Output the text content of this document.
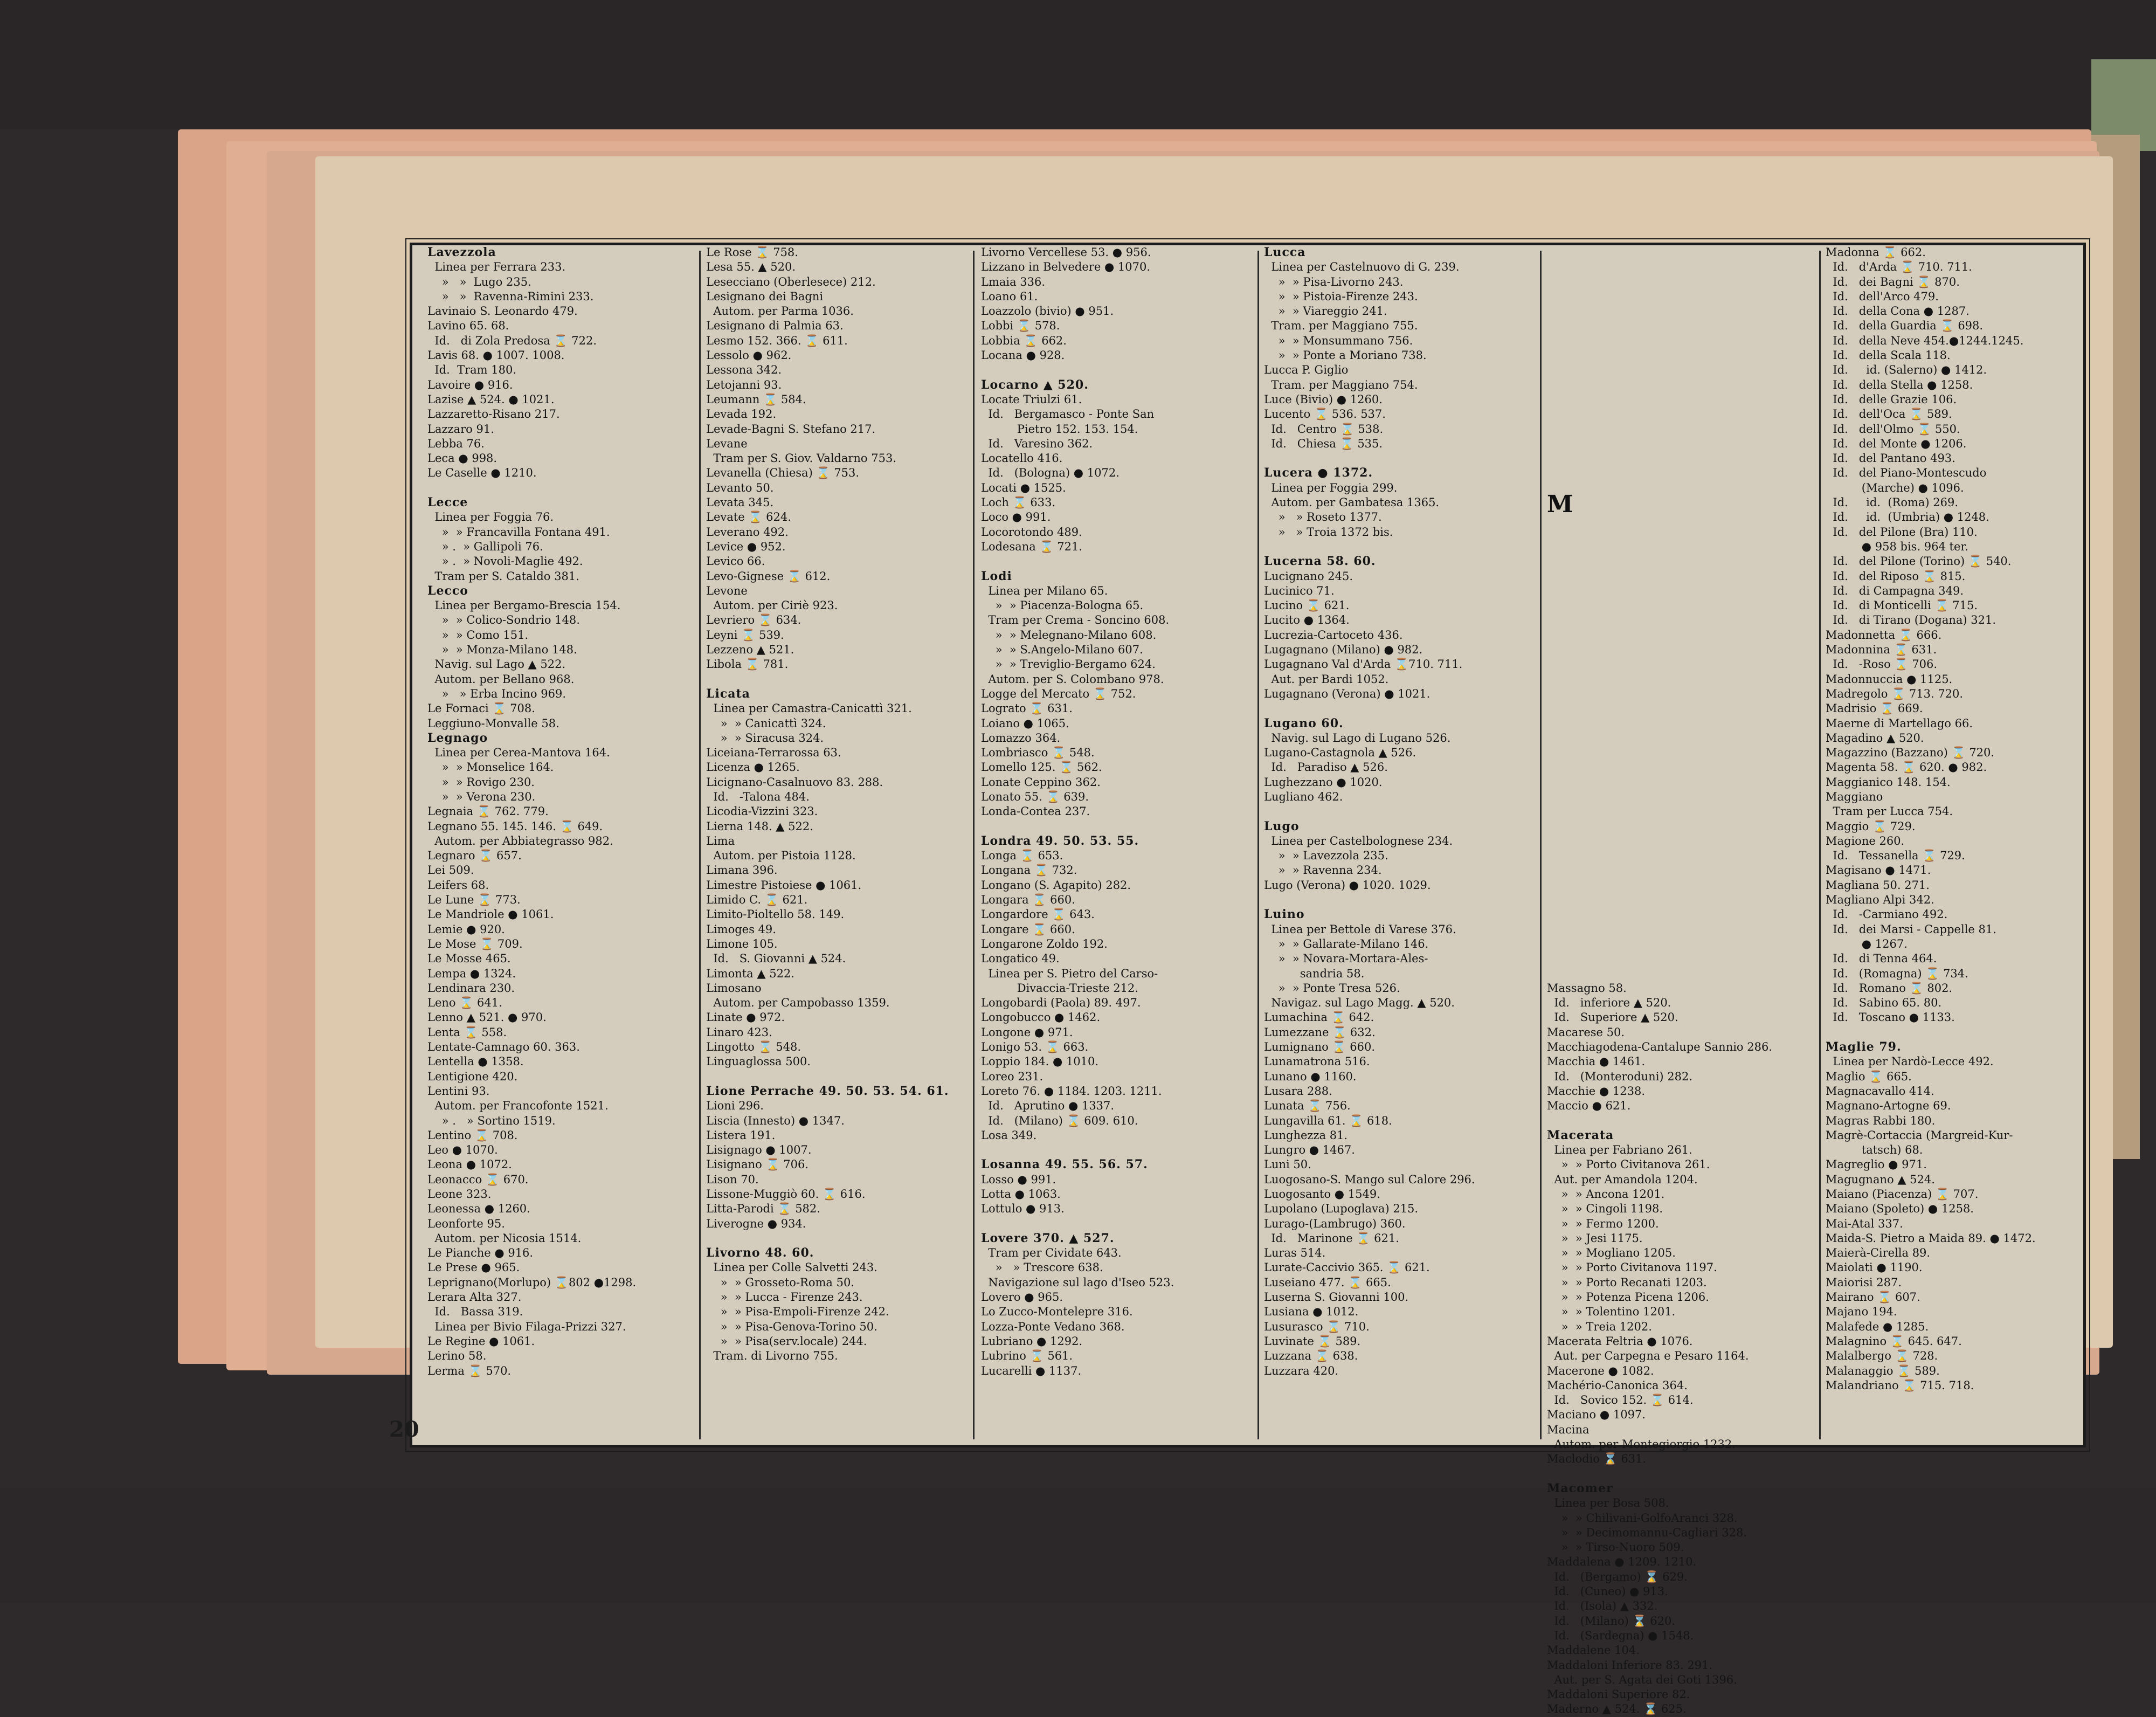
Lavezzola
Linea per Ferrara 233.
»   »  Lugo 235.
»   »  Ravenna-Rimini 233.
Lavinaio S. Leonardo 479.
Lavino 65. 68.
Id.   di Zola Predosa ⌛ 722.
Lavis 68. ● 1007. 1008.
Id.  Tram 180.
Lavoire ● 916.
Lazise ▲ 524. ● 1021.
Lazzaretto-Risano 217.
Lazzaro 91.
Lebba 76.
Leca ● 998.
Le Caselle ● 1210.
Lecce
Linea per Foggia 76.
»  » Francavilla Fontana 491.
» .  » Gallipoli 76.
» .  » Novoli-Maglie 492.
Tram per S. Cataldo 381.
Lecco
Linea per Bergamo-Brescia 154.
»  » Colico-Sondrio 148.
»  » Como 151.
»  » Monza-Milano 148.
Navig. sul Lago ▲ 522.
Autom. per Bellano 968.
»   » Erba Incino 969.
Le Fornaci ⌛ 708.
Leggiuno-Monvalle 58.
Legnago
Linea per Cerea-Mantova 164.
»  » Monselice 164.
»  » Rovigo 230.
»  » Verona 230.
Legnaia ⌛ 762. 779.
Legnano 55. 145. 146. ⌛ 649.
Autom. per Abbiategrasso 982.
Legnaro ⌛ 657.
Lei 509.
Leifers 68.
Le Lune ⌛ 773.
Le Mandriole ● 1061.
Lemie ● 920.
Le Mose ⌛ 709.
Le Mosse 465.
Lempa ● 1324.
Lendinara 230.
Leno ⌛ 641.
Lenno ▲ 521. ● 970.
Lenta ⌛ 558.
Lentate-Camnago 60. 363.
Lentella ● 1358.
Lentigione 420.
Lentini 93.
Autom. per Francofonte 1521.
» .   » Sortino 1519.
Lentino ⌛ 708.
Leo ● 1070.
Leona ● 1072.
Leonacco ⌛ 670.
Leone 323.
Leonessa ● 1260.
Leonforte 95.
Autom. per Nicosia 1514.
Le Pianche ● 916.
Le Prese ● 965.
Leprignano(Morlupo) ⌛802 ●1298.
Lerara Alta 327.
Id.   Bassa 319.
Linea per Bivio Filaga-Prizzi 327.
Le Regine ● 1061.
Lerino 58.
Lerma ⌛ 570.
Le Rose ⌛ 758.
Lesa 55. ▲ 520.
Lesecciano (Oberlesece) 212.
Lesignano dei Bagni
Autom. per Parma 1036.
Lesignano di Palmia 63.
Lesmo 152. 366. ⌛ 611.
Lessolo ● 962.
Lessona 342.
Letojanni 93.
Leumann ⌛ 584.
Levada 192.
Levade-Bagni S. Stefano 217.
Levane
Tram per S. Giov. Valdarno 753.
Levanella (Chiesa) ⌛ 753.
Levanto 50.
Levata 345.
Levate ⌛ 624.
Leverano 492.
Levice ● 952.
Levico 66.
Levo-Gignese ⌛ 612.
Levone
Autom. per Ciriè 923.
Levriero ⌛ 634.
Leyni ⌛ 539.
Lezzeno ▲ 521.
Libola ⌛ 781.
Licata
Linea per Camastra-Canicattì 321.
»  » Canicattì 324.
»  » Siracusa 324.
Liceiana-Terrarossa 63.
Licenza ● 1265.
Licignano-Casalnuovo 83. 288.
Id.   -Talona 484.
Licodia-Vizzini 323.
Lierna 148. ▲ 522.
Lima
Autom. per Pistoia 1128.
Limana 396.
Limestre Pistoiese ● 1061.
Limido C. ⌛ 621.
Limito-Pioltello 58. 149.
Limoges 49.
Limone 105.
Id.   S. Giovanni ▲ 524.
Limonta ▲ 522.
Limosano
Autom. per Campobasso 1359.
Linate ● 972.
Linaro 423.
Lingotto ⌛ 548.
Linguaglossa 500.
Lione Perrache 49. 50. 53. 54. 61.
Lioni 296.
Liscia (Innesto) ● 1347.
Listera 191.
Lisignago ● 1007.
Lisignano ⌛ 706.
Lison 70.
Lissone-Muggiò 60. ⌛ 616.
Litta-Parodi ⌛ 582.
Liverogne ● 934.
Livorno 48. 60.
Linea per Colle Salvetti 243.
»  » Grosseto-Roma 50.
»  » Lucca - Firenze 243.
»  » Pisa-Empoli-Firenze 242.
»  » Pisa-Genova-Torino 50.
»  » Pisa(serv.locale) 244.
Tram. di Livorno 755.
Livorno Vercellese 53. ● 956.
Lizzano in Belvedere ● 1070.
Lmaia 336.
Loano 61.
Loazzolo (bivio) ● 951.
Lobbi ⌛ 578.
Lobbia ⌛ 662.
Locana ● 928.
Locarno ▲ 520.
Locate Triulzi 61.
Id.   Bergamasco - Ponte San
Pietro 152. 153. 154.
Id.   Varesino 362.
Locatello 416.
Id.   (Bologna) ● 1072.
Locati ● 1525.
Loch ⌛ 633.
Loco ● 991.
Locorotondo 489.
Lodesana ⌛ 721.
Lodi
Linea per Milano 65.
»  » Piacenza-Bologna 65.
Tram per Crema - Soncino 608.
»  » Melegnano-Milano 608.
»  » S.Angelo-Milano 607.
»  » Treviglio-Bergamo 624.
Autom. per S. Colombano 978.
Logge del Mercato ⌛ 752.
Lograto ⌛ 631.
Loiano ● 1065.
Lomazzo 364.
Lombriasco ⌛ 548.
Lomello 125. ⌛ 562.
Lonate Ceppino 362.
Lonato 55. ⌛ 639.
Londa-Contea 237.
Londra 49. 50. 53. 55.
Longa ⌛ 653.
Longana ⌛ 732.
Longano (S. Agapito) 282.
Longara ⌛ 660.
Longardore ⌛ 643.
Longare ⌛ 660.
Longarone Zoldo 192.
Longatico 49.
Linea per S. Pietro del Carso-
Divaccia-Trieste 212.
Longobardi (Paola) 89. 497.
Longobucco ● 1462.
Longone ● 971.
Lonigo 53. ⌛ 663.
Loppio 184. ● 1010.
Loreo 231.
Loreto 76. ● 1184. 1203. 1211.
Id.   Aprutino ● 1337.
Id.   (Milano) ⌛ 609. 610.
Losa 349.
Losanna 49. 55. 56. 57.
Losso ● 991.
Lotta ● 1063.
Lottulo ● 913.
Lovere 370. ▲ 527.
Tram per Cividate 643.
»   » Trescore 638.
Navigazione sul lago d'Iseo 523.
Lovero ● 965.
Lo Zucco-Montelepre 316.
Lozza-Ponte Vedano 368.
Lubriano ● 1292.
Lubrino ⌛ 561.
Lucarelli ● 1137.
Lucca
Linea per Castelnuovo di G. 239.
»  » Pisa-Livorno 243.
»  » Pistoia-Firenze 243.
»  » Viareggio 241.
Tram. per Maggiano 755.
»  » Monsummano 756.
»  » Ponte a Moriano 738.
Lucca P. Giglio
Tram. per Maggiano 754.
Luce (Bivio) ● 1260.
Lucento ⌛ 536. 537.
Id.   Centro ⌛ 538.
Id.   Chiesa ⌛ 535.
Lucera ● 1372.
Linea per Foggia 299.
Autom. per Gambatesa 1365.
»   » Roseto 1377.
»   » Troia 1372 bis.
Lucerna 58. 60.
Lucignano 245.
Lucinico 71.
Lucino ⌛ 621.
Lucito ● 1364.
Lucrezia-Cartoceto 436.
Lugagnano (Milano) ● 982.
Lugagnano Val d'Arda ⌛710. 711.
Aut. per Bardi 1052.
Lugagnano (Verona) ● 1021.
Lugano 60.
Navig. sul Lago di Lugano 526.
Lugano-Castagnola ▲ 526.
Id.   Paradiso ▲ 526.
Lughezzano ● 1020.
Lugliano 462.
Lugo
Linea per Castelbolognese 234.
»  » Lavezzola 235.
»  » Ravenna 234.
Lugo (Verona) ● 1020. 1029.
Luino
Linea per Bettole di Varese 376.
»  » Gallarate-Milano 146.
»  » Novara-Mortara-Ales-
sandria 58.
»  » Ponte Tresa 526.
Navigaz. sul Lago Magg. ▲ 520.
Lumachina ⌛ 642.
Lumezzane ⌛ 632.
Lumignano ⌛ 660.
Lunamatrona 516.
Lunano ● 1160.
Lusara 288.
Lunata ⌛ 756.
Lungavilla 61. ⌛ 618.
Lunghezza 81.
Lungro ● 1467.
Luni 50.
Luogosano-S. Mango sul Calore 296.
Luogosanto ● 1549.
Lupolano (Lupoglava) 215.
Lurago-(Lambrugo) 360.
Id.   Marinone ⌛ 621.
Luras 514.
Lurate-Caccivio 365. ⌛ 621.
Luseiano 477. ⌛ 665.
Luserna S. Giovanni 100.
Lusiana ● 1012.
Lusurasco ⌛ 710.
Luvinate ⌛ 589.
Luzzana ⌛ 638.
Luzzara 420.
Massagno 58.
Id.   inferiore ▲ 520.
Id.   Superiore ▲ 520.
Macarese 50.
Macchiagodena-Cantalupe Sannio 286.
Macchia ● 1461.
Id.   (Monteroduni) 282.
Macchie ● 1238.
Maccio ● 621.
Macerata
Linea per Fabriano 261.
»  » Porto Civitanova 261.
Aut. per Amandola 1204.
»  » Ancona 1201.
»  » Cingoli 1198.
»  » Fermo 1200.
»  » Jesi 1175.
»  » Mogliano 1205.
»  » Porto Civitanova 1197.
»  » Porto Recanati 1203.
»  » Potenza Picena 1206.
»  » Tolentino 1201.
»  » Treia 1202.
Macerata Feltria ● 1076.
Aut. per Carpegna e Pesaro 1164.
Macerone ● 1082.
Machério-Canonica 364.
Id.   Sovico 152. ⌛ 614.
Maciano ● 1097.
Macina
Autom. per Montegiorgio 1232.
Maclodio ⌛ 631.
Macomer
Linea per Bosa 508.
»  » Chilivani-GolfoAranci 328.
»  » Decimomannu-Cagliari 328.
»  » Tirso-Nuoro 509.
Maddalena ● 1209. 1210.
Id.   (Bergamo) ⌛ 629.
Id.   (Cuneo) ● 913.
Id.   (Isola) ▲ 332.
Id.   (Milano) ⌛ 620.
Id.   (Sardegna) ● 1548.
Maddalene 104.
Maddaloni Inferiore 83. 291.
Aut. per S. Agata dei Goti 1396.
Maddaloni Superiore 82.
Maderno ▲ 524. ⌛ 625.
Madonna ⌛ 662.
Id.   d'Arda ⌛ 710. 711.
Id.   dei Bagni ⌛ 870.
Id.   dell'Arco 479.
Id.   della Cona ● 1287.
Id.   della Guardia ⌛ 698.
Id.   della Neve 454.●1244.1245.
Id.   della Scala 118.
Id.     id. (Salerno) ● 1412.
Id.   della Stella ● 1258.
Id.   delle Grazie 106.
Id.   dell'Oca ⌛ 589.
Id.   dell'Olmo ⌛ 550.
Id.   del Monte ● 1206.
Id.   del Pantano 493.
Id.   del Piano-Montescudo
(Marche) ● 1096.
Id.     id.  (Roma) 269.
Id.     id.  (Umbria) ● 1248.
Id.   del Pilone (Bra) 110.
● 958 bis. 964 ter.
Id.   del Pilone (Torino) ⌛ 540.
Id.   del Riposo ⌛ 815.
Id.   di Campagna 349.
Id.   di Monticelli ⌛ 715.
Id.   di Tirano (Dogana) 321.
Madonnetta ⌛ 666.
Madonnina ⌛ 631.
Id.   -Roso ⌛ 706.
Madonnuccia ● 1125.
Madregolo ⌛ 713. 720.
Madrisio ⌛ 669.
Maerne di Martellago 66.
Magadino ▲ 520.
Magazzino (Bazzano) ⌛ 720.
Magenta 58. ⌛ 620. ● 982.
Maggianico 148. 154.
Maggiano
Tram per Lucca 754.
Maggio ⌛ 729.
Magione 260.
Id.   Tessanella ⌛ 729.
Magisano ● 1471.
Magliana 50. 271.
Magliano Alpi 342.
Id.   -Carmiano 492.
Id.   dei Marsi - Cappelle 81.
● 1267.
Id.   di Tenna 464.
Id.   (Romagna) ⌛ 734.
Id.   Romano ⌛ 802.
Id.   Sabino 65. 80.
Id.   Toscano ● 1133.
Maglie 79.
Linea per Nardò-Lecce 492.
Maglio ⌛ 665.
Magnacavallo 414.
Magnano-Artogne 69.
Magras Rabbi 180.
Magrè-Cortaccia (Margreid-Kur-
tatsch) 68.
Magreglio ● 971.
Magugnano ▲ 524.
Maiano (Piacenza) ⌛ 707.
Maiano (Spoleto) ● 1258.
Mai-Atal 337.
Maida-S. Pietro a Maida 89. ● 1472.
Maierà-Cirella 89.
Maiolati ● 1190.
Maiorisi 287.
Mairano ⌛ 607.
Majano 194.
Malafede ● 1285.
Malagnino ⌛ 645. 647.
Malalbergo ⌛ 728.
Malanaggio ⌛ 589.
Malandriano ⌛ 715. 718.
M
20
